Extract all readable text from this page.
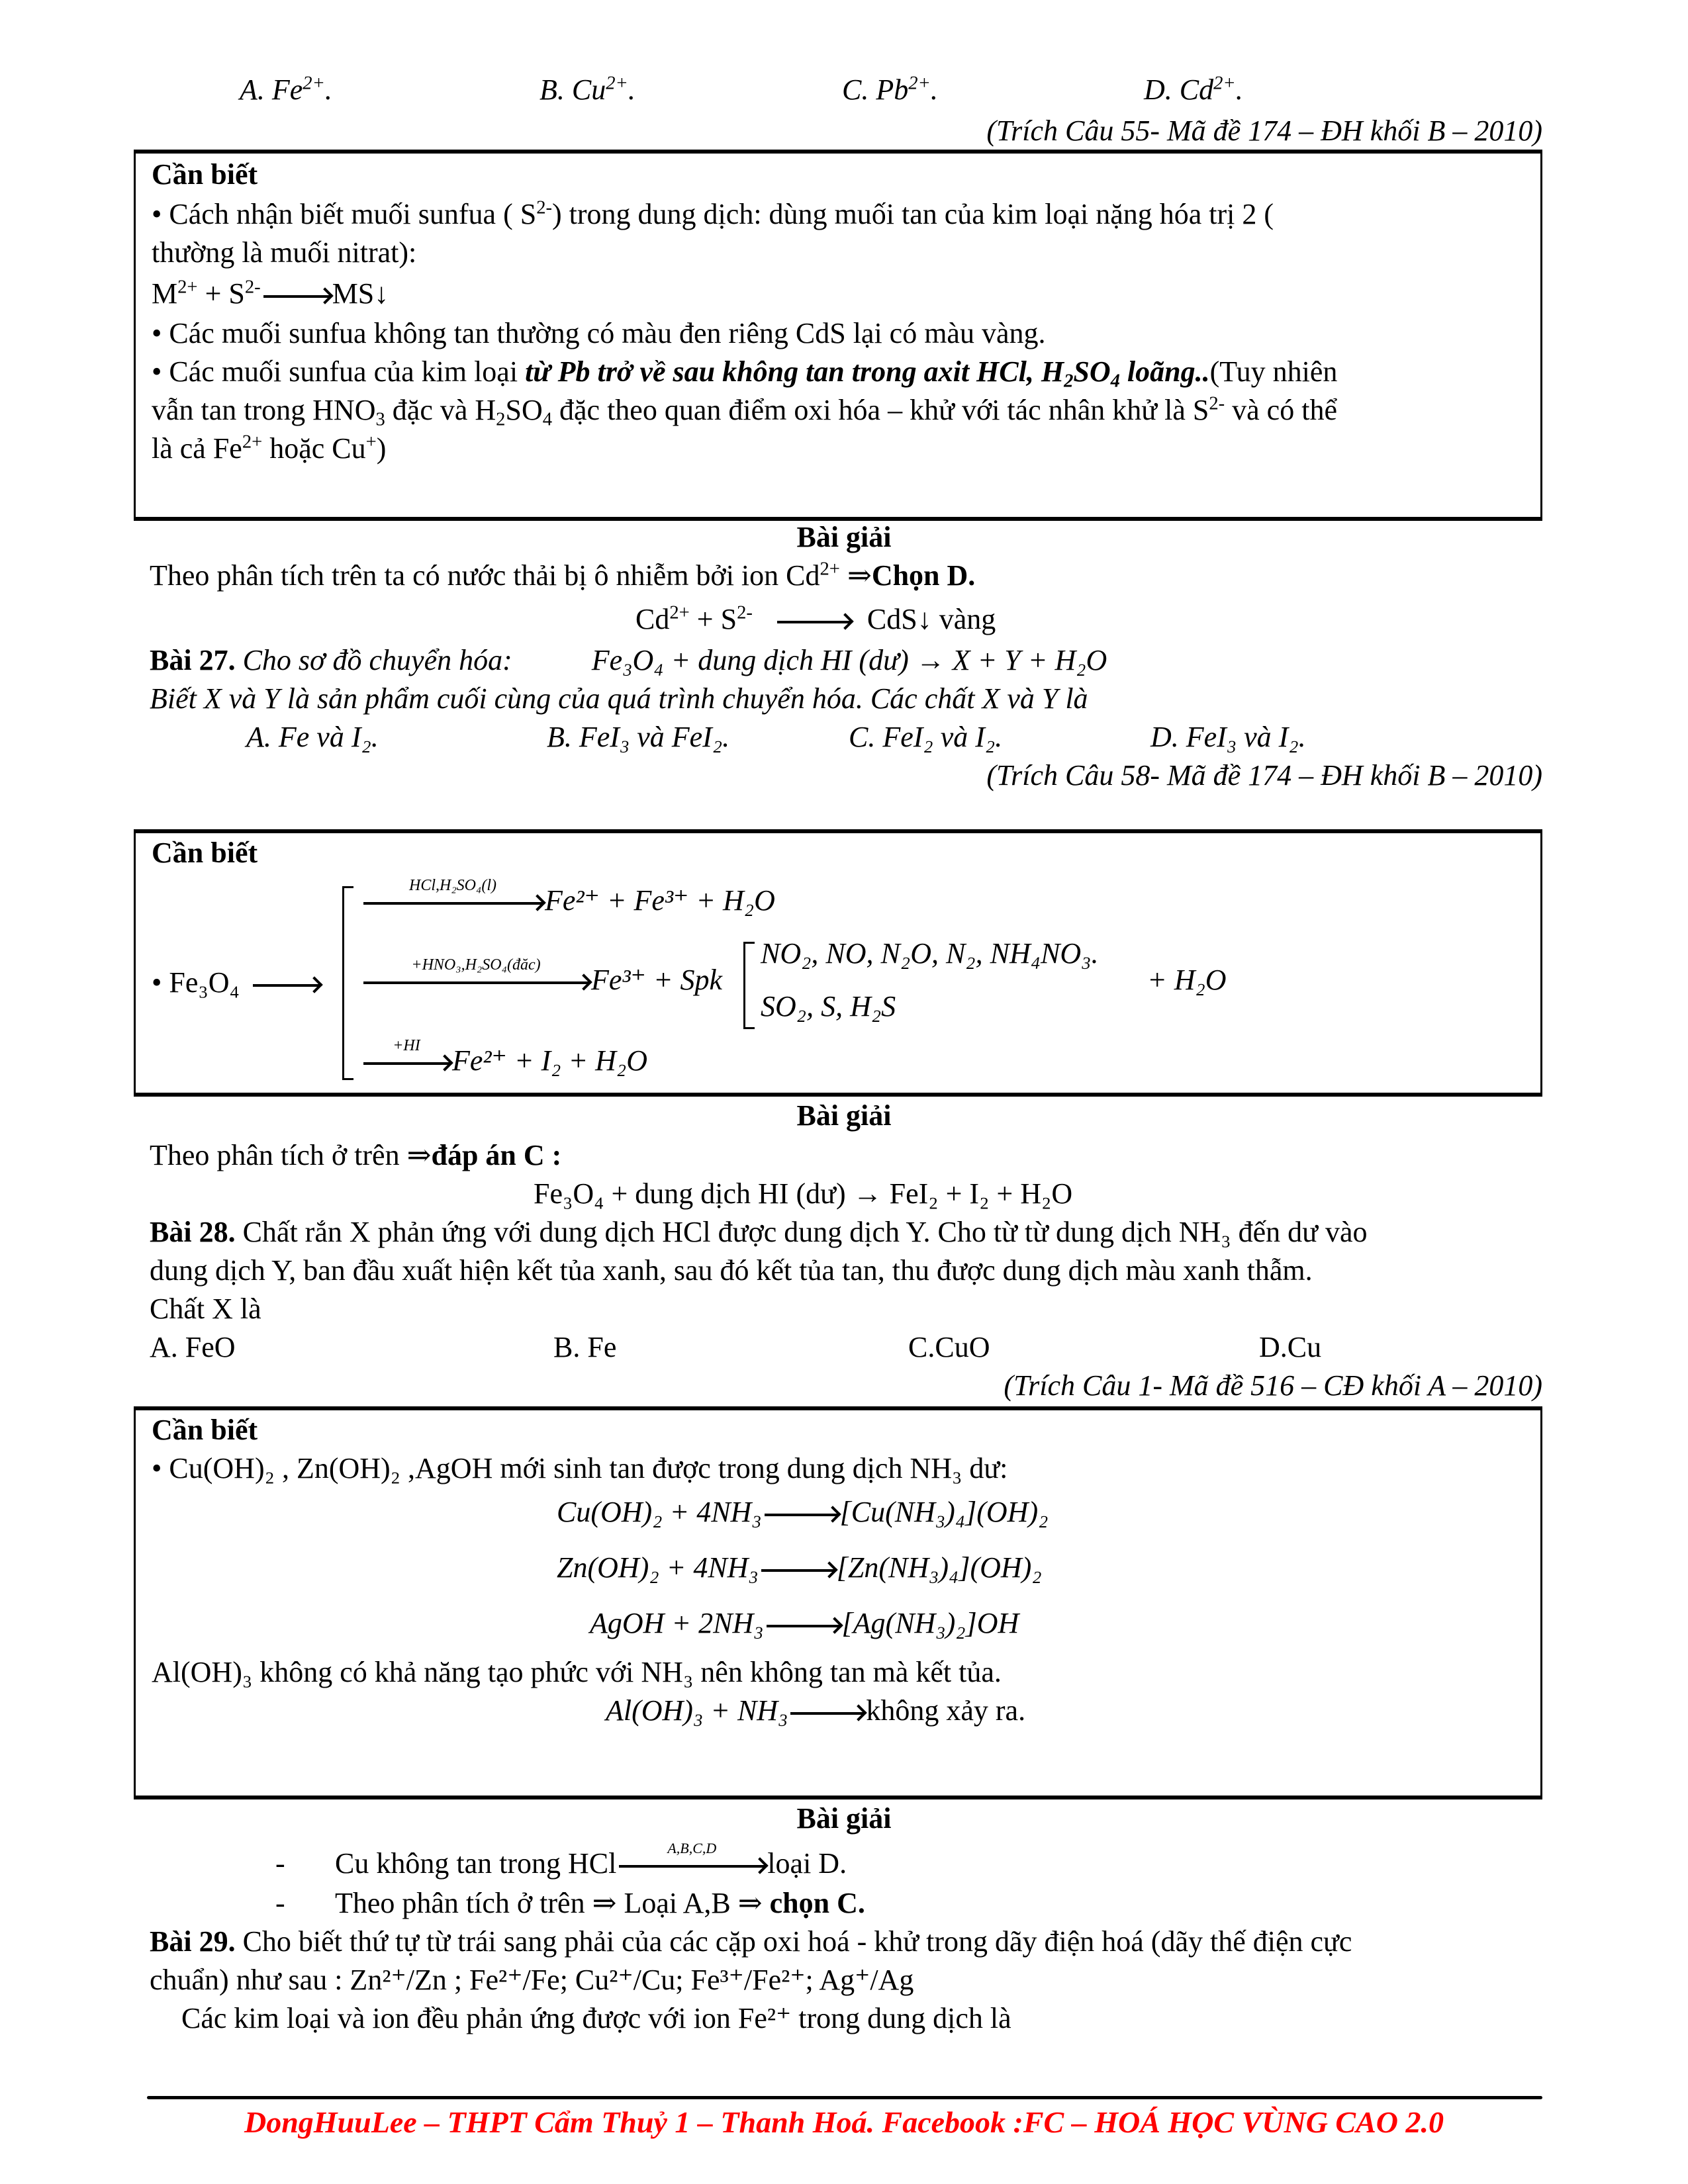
A. $Fe^{2+}$.	B. $Cu^{2+}$.	C. $Pb^{2+}$.	D. $Cd^{2+}$.
(Trích Câu 55- Mã đề 174 – ĐH khối B – 2010)
Cần biết
• Cách nhận biết muối sunfua ( $S^{2-}$) trong dung dịch: dùng muối tan của kim loại nặng hóa trị 2 (
thường là muối nitrat):
$M^{2+} + S^{2-}$ MS↓
• Các muối sunfua không tan thường có màu đen riêng CdS lại có màu vàng.
• Các muối sunfua của kim loại từ Pb trở về sau không tan trong axit HCl, $H_2SO_4$ loãng..(Tuy nhiên
vẫn tan trong $HNO_3$ đặc và $H_2SO_4$ đặc theo quan điểm oxi hóa – khử với tác nhân khử là $S^{2-}$ và có thể
là cả $Fe^{2+}$ hoặc Cu+)
Bài giải
Theo phân tích trên ta có nước thải bị ô nhiễm bởi ion $Cd^{2+}$ ⇒Chọn D.
$Cd^{2+} + S^{2-}$	CdS↓ vàng
Bài 27. Cho sơ đồ chuyển hóa:	Fe₃O₄ + dung dịch HI (dư) → X + Y + H₂O
Biết X và Y là sản phẩm cuối cùng của quá trình chuyển hóa. Các chất X và Y là
A. Fe và I₂.	B. FeI₃ và FeI₂.	C. FeI₂ và I₂.	D. FeI₃ và I₂.
(Trích Câu 58- Mã đề 174 – ĐH khối B – 2010)
Cần biết
• Fe₃O₄
HCl,H₂SO₄(l)	Fe²⁺ + Fe³⁺ + H₂O
+HNO₃,H₂SO₄(đăc)	Fe³⁺ + Spk
NO₂, NO, N₂O, N₂, NH₄NO₃.
SO₂, S, H₂S
+ H₂O
+HI	Fe²⁺ + I₂ + H₂O
Bài giải
Theo phân tích ở trên ⇒đáp án C :
Fe₃O₄ + dung dịch HI (dư) → FeI₂ + I₂ + H₂O
Bài 28. Chất rắn X phản ứng với dung dịch HCl được dung dịch Y. Cho từ từ dung dịch NH₃ đến dư vào
dung dịch Y, ban đầu xuất hiện kết tủa xanh, sau đó kết tủa tan, thu được dung dịch màu xanh thẫm.
Chất X là
A. FeO	B. Fe	C.CuO	D.Cu
(Trích Câu 1- Mã đề 516 – CĐ khối A – 2010)
Cần biết
• Cu(OH)₂ , Zn(OH)₂ ,AgOH mới sinh tan được trong dung dịch NH₃ dư:
Cu(OH)₂ + 4NH₃	[Cu(NH₃)₄](OH)₂
Zn(OH)₂ + 4NH₃	[Zn(NH₃)₄](OH)₂
AgOH + 2NH₃	[Ag(NH₃)₂]OH
Al(OH)₃ không có khả năng tạo phức với NH₃ nên không tan mà kết tủa.
Al(OH)₃ + NH₃	không xảy ra.
Bài giải
- Cu không tan trong HCl	A,B,C,D	loại D.
- Theo phân tích ở trên ⇒ Loại A,B ⇒ chọn C.
Bài 29. Cho biết thứ tự từ trái sang phải của các cặp oxi hoá - khử trong dãy điện hoá (dãy thế điện cực
chuẩn) như sau : Zn²⁺/Zn ; Fe²⁺/Fe; Cu²⁺/Cu; Fe³⁺/Fe²⁺; Ag⁺/Ag
Các kim loại và ion đều phản ứng được với ion Fe²⁺ trong dung dịch là
DongHuuLee – THPT Cẩm Thuỷ 1 – Thanh Hoá. Facebook :FC – HOÁ HỌC VÙNG CAO 2.0
